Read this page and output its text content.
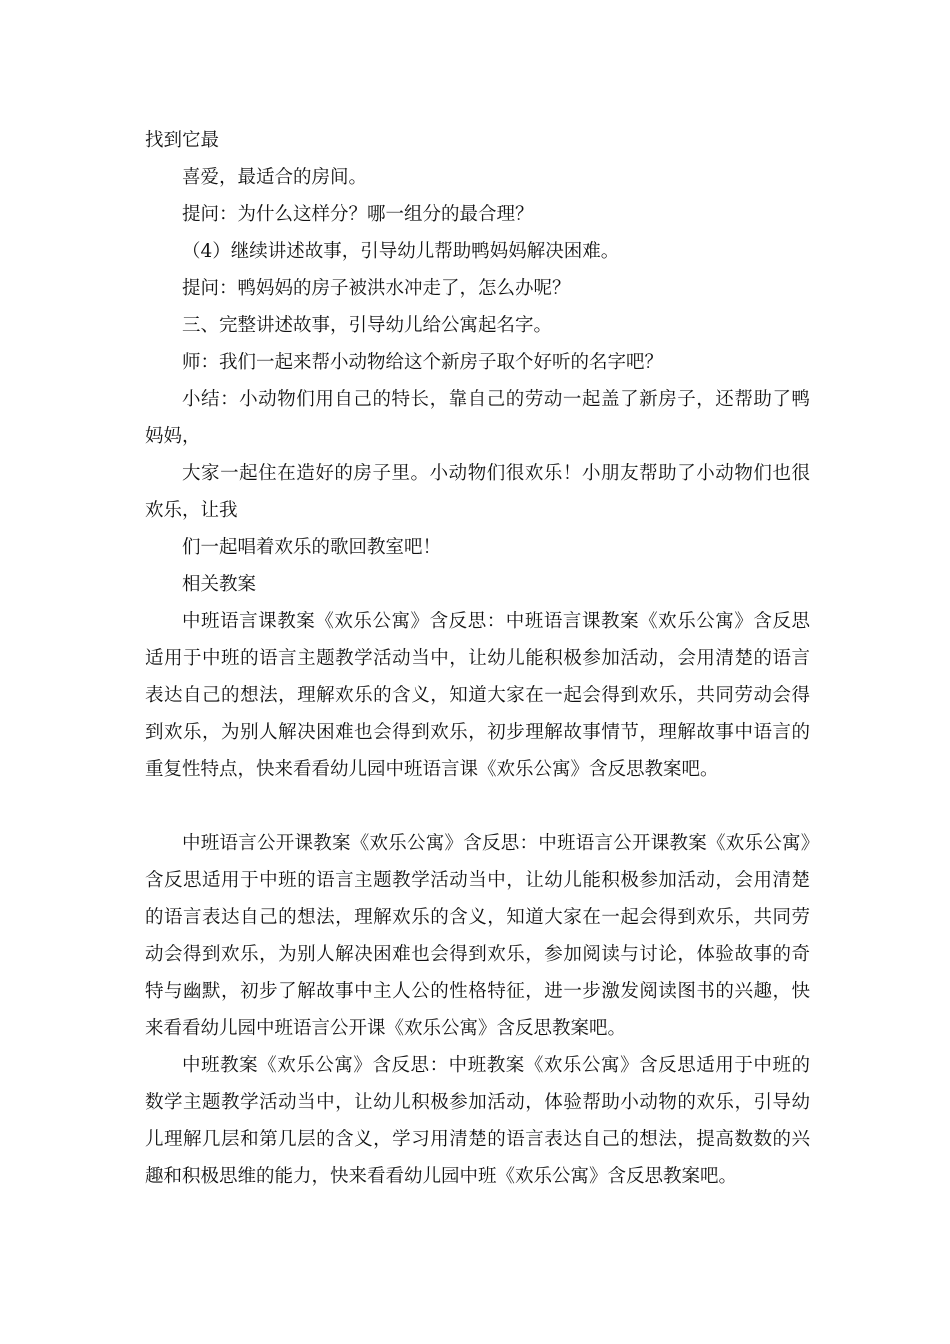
找到它最

喜爱，最适合的房间。

提问：为什么这样分？哪一组分的最合理？

（4）继续讲述故事，引导幼儿帮助鸭妈妈解决困难。

提问：鸭妈妈的房子被洪水冲走了，怎么办呢？

三、完整讲述故事，引导幼儿给公寓起名字。

师：我们一起来帮小动物给这个新房子取个好听的名字吧？

小结：小动物们用自己的特长，靠自己的劳动一起盖了新房子，还帮助了鸭妈妈，

大家一起住在造好的房子里。小动物们很欢乐！小朋友帮助了小动物们也很欢乐，让我

们一起唱着欢乐的歌回教室吧！

相关教案

中班语言课教案《欢乐公寓》含反思：中班语言课教案《欢乐公寓》含反思适用于中班的语言主题教学活动当中，让幼儿能积极参加活动，会用清楚的语言表达自己的想法，理解欢乐的含义，知道大家在一起会得到欢乐，共同劳动会得到欢乐，为别人解决困难也会得到欢乐，初步理解故事情节，理解故事中语言的重复性特点，快来看看幼儿园中班语言课《欢乐公寓》含反思教案吧。

中班语言公开课教案《欢乐公寓》含反思：中班语言公开课教案《欢乐公寓》含反思适用于中班的语言主题教学活动当中，让幼儿能积极参加活动，会用清楚的语言表达自己的想法，理解欢乐的含义，知道大家在一起会得到欢乐，共同劳动会得到欢乐，为别人解决困难也会得到欢乐，参加阅读与讨论，体验故事的奇特与幽默，初步了解故事中主人公的性格特征，进一步激发阅读图书的兴趣，快来看看幼儿园中班语言公开课《欢乐公寓》含反思教案吧。

中班教案《欢乐公寓》含反思：中班教案《欢乐公寓》含反思适用于中班的数学主题教学活动当中，让幼儿积极参加活动，体验帮助小动物的欢乐，引导幼儿理解几层和第几层的含义，学习用清楚的语言表达自己的想法，提高数数的兴趣和积极思维的能力，快来看看幼儿园中班《欢乐公寓》含反思教案吧。
